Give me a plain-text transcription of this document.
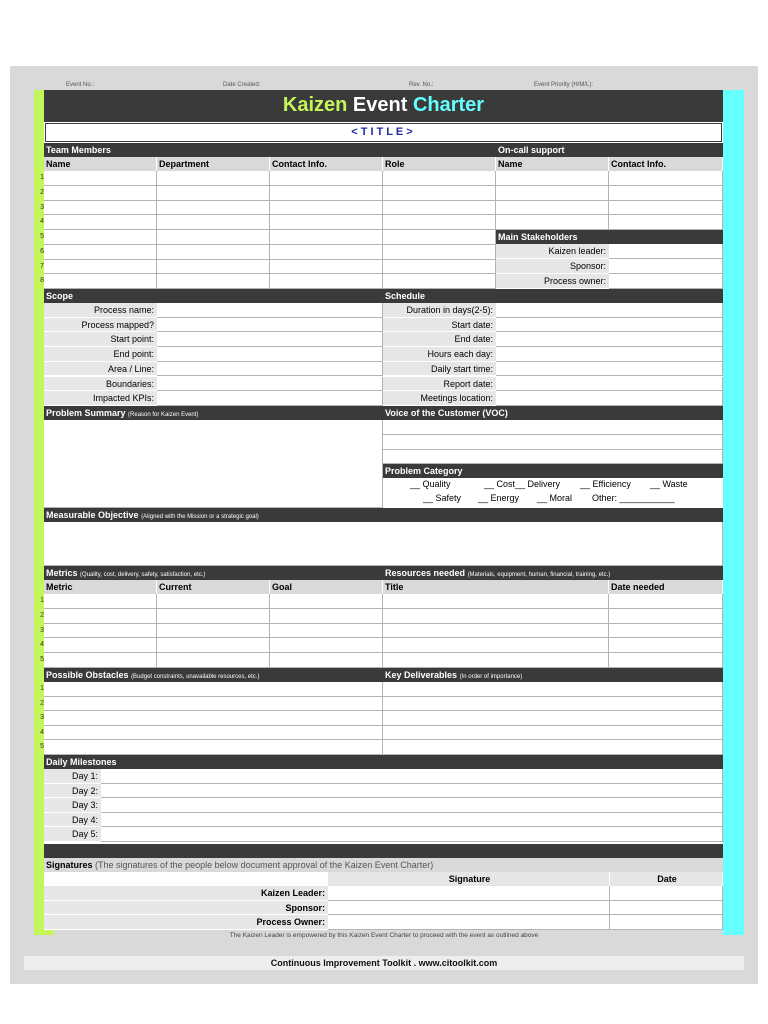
Event No.:	Date Created:	Rev. No.:	Event Priority (H/M/L):
The Kaizen Leader is empowered by this Kaizen Event Charter to proceed with the event as outlined above
Continuous Improvement Toolkit . www.citoolkit.com
1
2
3
4
5
6
7
8
1
2
3
4
5
1
2
3
4
5
Kaizen Event Charter
<TITLE>
Team Members
Name	Department	Contact Info.	Role
On-call support
Name	Contact Info.
Main Stakeholders
Kaizen leader:
Sponsor:
Process owner:
Scope	Schedule
Process name:	Duration in days(2-5):
Process mapped?	Start date:
Start point:	End date:
End point:	Hours each day:
Area / Line:	Daily start time:
Boundaries:	Report date:
Impacted KPIs:	Meetings location:
Problem Summary (Reason for Kaizen Event)	Voice of the Customer (VOC)
Problem Category
__ Quality	__ Cost __ Delivery __ Efficiency __ Waste
__ Safety __ Energy __ Moral Other: ___________
Measurable Objective (Aligned with the Mission or a strategic goal)
Metrics (Quality, cost, delivery, safety, satisfaction, etc.)	Resources needed (Materials, equipment, human, financial, training, etc.)
Metric	Current	Goal	Title	Date needed
Possible Obstacles (Budget constraints, unavailable resources, etc.)	Key Deliverables (In order of importance)
Daily Milestones
Day 1:
Day 2:
Day 3:
Day 4:
Day 5:
Signatures (The signatures of the people below document approval of the Kaizen Event Charter)
Signature	Date
Kaizen Leader:
Sponsor:
Process Owner:
